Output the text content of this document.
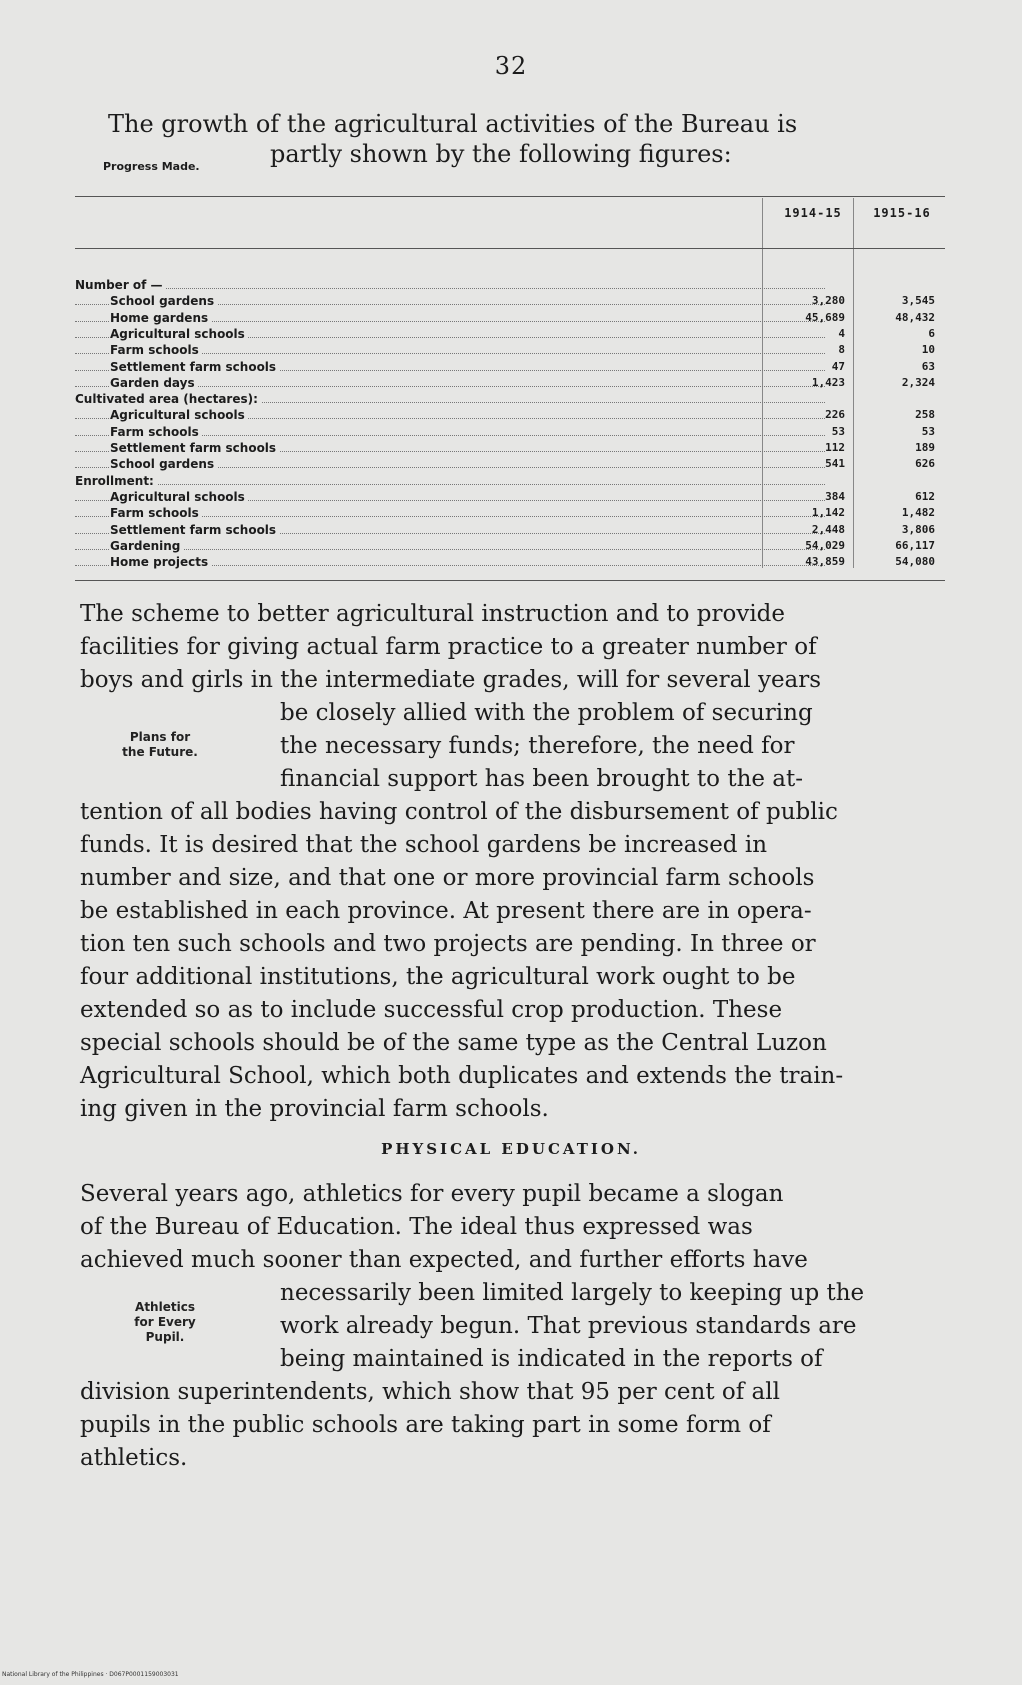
32
The growth of the agricultural activities of the Bureau is
Progress Made.	partly shown by the following figures:
1914-15	1915-16
Number of —
School gardens	3,280	3,545
Home gardens	45,689	48,432
Agricultural schools	4	6
Farm schools	8	10
Settlement farm schools	47	63
Garden days	1,423	2,324
Cultivated area (hectares):
Agricultural schools	226	258
Farm schools	53	53
Settlement farm schools	112	189
School gardens	541	626
Enrollment:
Agricultural schools	384	612
Farm schools	1,142	1,482
Settlement farm schools	2,448	3,806
Gardening	54,029	66,117
Home projects	43,859	54,080
The scheme to better agricultural instruction and to provide
facilities for giving actual farm practice to a greater number of
boys and girls in the intermediate grades, will for several years
be closely allied with the problem of securing
the necessary funds; therefore, the need for
financial support has been brought to the at-
tention of all bodies having control of the disbursement of public
funds. It is desired that the school gardens be increased in
number and size, and that one or more provincial farm schools
be established in each province. At present there are in opera-
tion ten such schools and two projects are pending. In three or
four additional institutions, the agricultural work ought to be
extended so as to include successful crop production. These
special schools should be of the same type as the Central Luzon
Agricultural School, which both duplicates and extends the train-
ing given in the provincial farm schools.
Plans for
the Future.
PHYSICAL EDUCATION.
Several years ago, athletics for every pupil became a slogan
of the Bureau of Education. The ideal thus expressed was
achieved much sooner than expected, and further efforts have
necessarily been limited largely to keeping up the
work already begun. That previous standards are
being maintained is indicated in the reports of
division superintendents, which show that 95 per cent of all
pupils in the public schools are taking part in some form of
athletics.
Athletics
for Every
Pupil.
National Library of the Philippines · D067P0001159003031
